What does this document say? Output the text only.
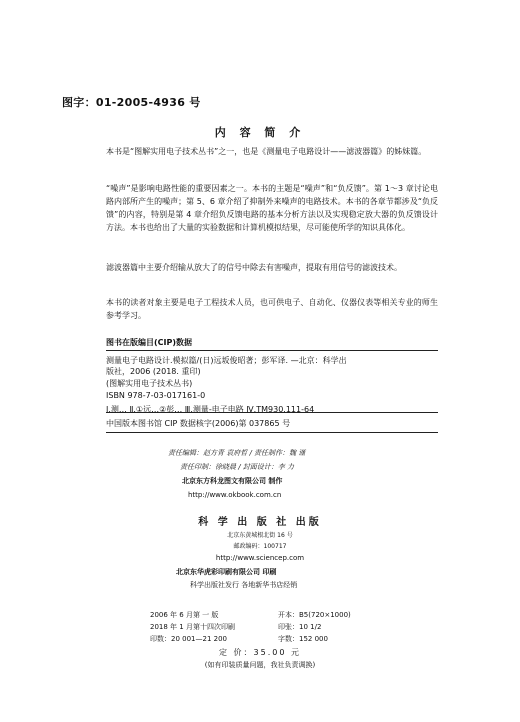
图字：01-2005-4936 号
内 容 简 介
本书是“图解实用电子技术丛书”之一，也是《测量电子电路设计——滤波器篇》的姊妹篇。
“噪声”是影响电路性能的重要因素之一。本书的主题是“噪声”和“负反馈”。第 1～3 章讨论电路内部所产生的噪声；第 5、6 章介绍了抑制外来噪声的电路技术。本书的各章节都涉及“负反馈”的内容，特别是第 4 章介绍负反馈电路的基本分析方法以及实现稳定放大器的负反馈设计方法。本书也给出了大量的实验数据和计算机模拟结果，尽可能使所学的知识具体化。
滤波器篇中主要介绍输从放大了的信号中除去有害噪声，提取有用信号的滤波技术。
本书的读者对象主要是电子工程技术人员，也可供电子、自动化、仪器仪表等相关专业的师生参考学习。
图书在版编目(CIP)数据
测量电子电路设计.模拟篇/(日)远坂俊昭著；彭军译. —北京：科学出
版社，2006 (2018. 重印)
(图解实用电子技术丛书)
ISBN 978-7-03-017161-0
Ⅰ.测… Ⅱ.①远…②彭… Ⅲ.测量-电子电路 Ⅳ.TM930.111-64
中国版本图书馆 CIP 数据核字(2006)第 037865 号
责任编辑：赵方青 袁府哲 / 责任制作：魏 谨
责任印制：徐晓晨 / 封面设计：李 力
北京东方科龙图文有限公司 制作
http://www.okbook.com.cn
科 学 出 版 社 出版
北京东黄城根北街 16 号
邮政编码：100717
http://www.sciencep.com
北京东华虎彩印刷有限公司 印刷
科学出版社发行 各地新华书店经销
2006 年 6 月第 一 版
2018 年 1 月第十四次印刷
印数：20 001—21 200
开本：B5(720×1000)
印张：10 1/2
字数：152 000
定 价：35.00 元
(如有印装质量问题，我社负责调换)
